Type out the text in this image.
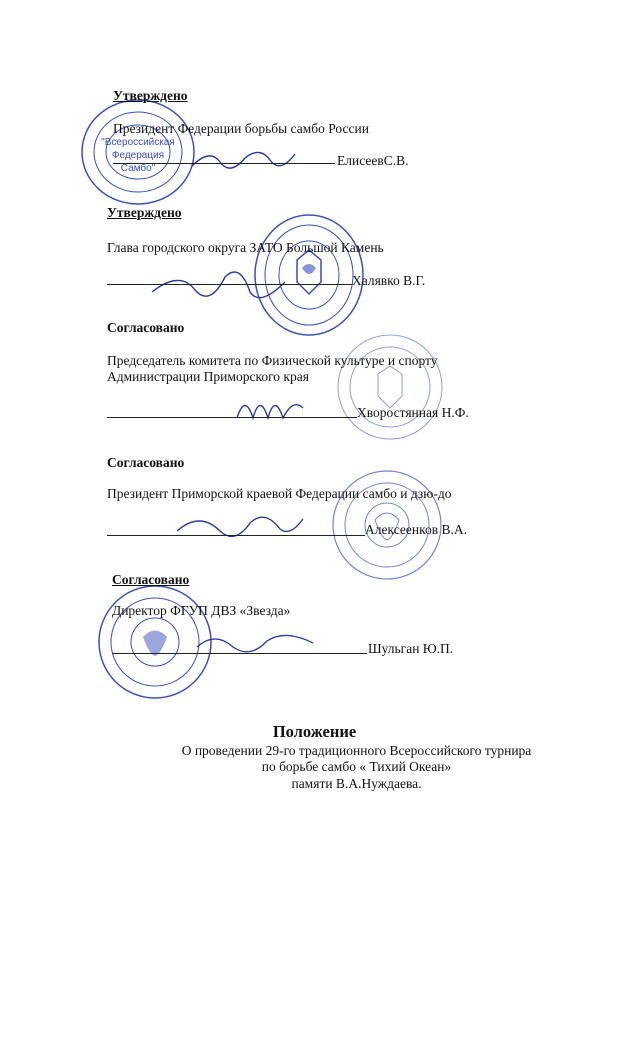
"Всероссийская
Федерация
Самбо"
Утверждено
Президент Федерации борьбы самбо России
ЕлисеевС.В.
Утверждено
Глава городского округа ЗАТО Большой Камень
Халявко В.Г.
Согласовано
Председатель комитета по Физической культуре и спорту
Администрации Приморского края
Хворостянная Н.Ф.
Согласовано
Президент Приморской краевой Федерации самбо и дзю-до
Алексеенков В.А.
Согласовано
Директор ФГУП ДВЗ «Звезда»
Шульган Ю.П.
Положение
О проведении 29-го традиционного Всероссийского турнира
по борьбе самбо « Тихий Океан»
памяти В.А.Нуждаева.
